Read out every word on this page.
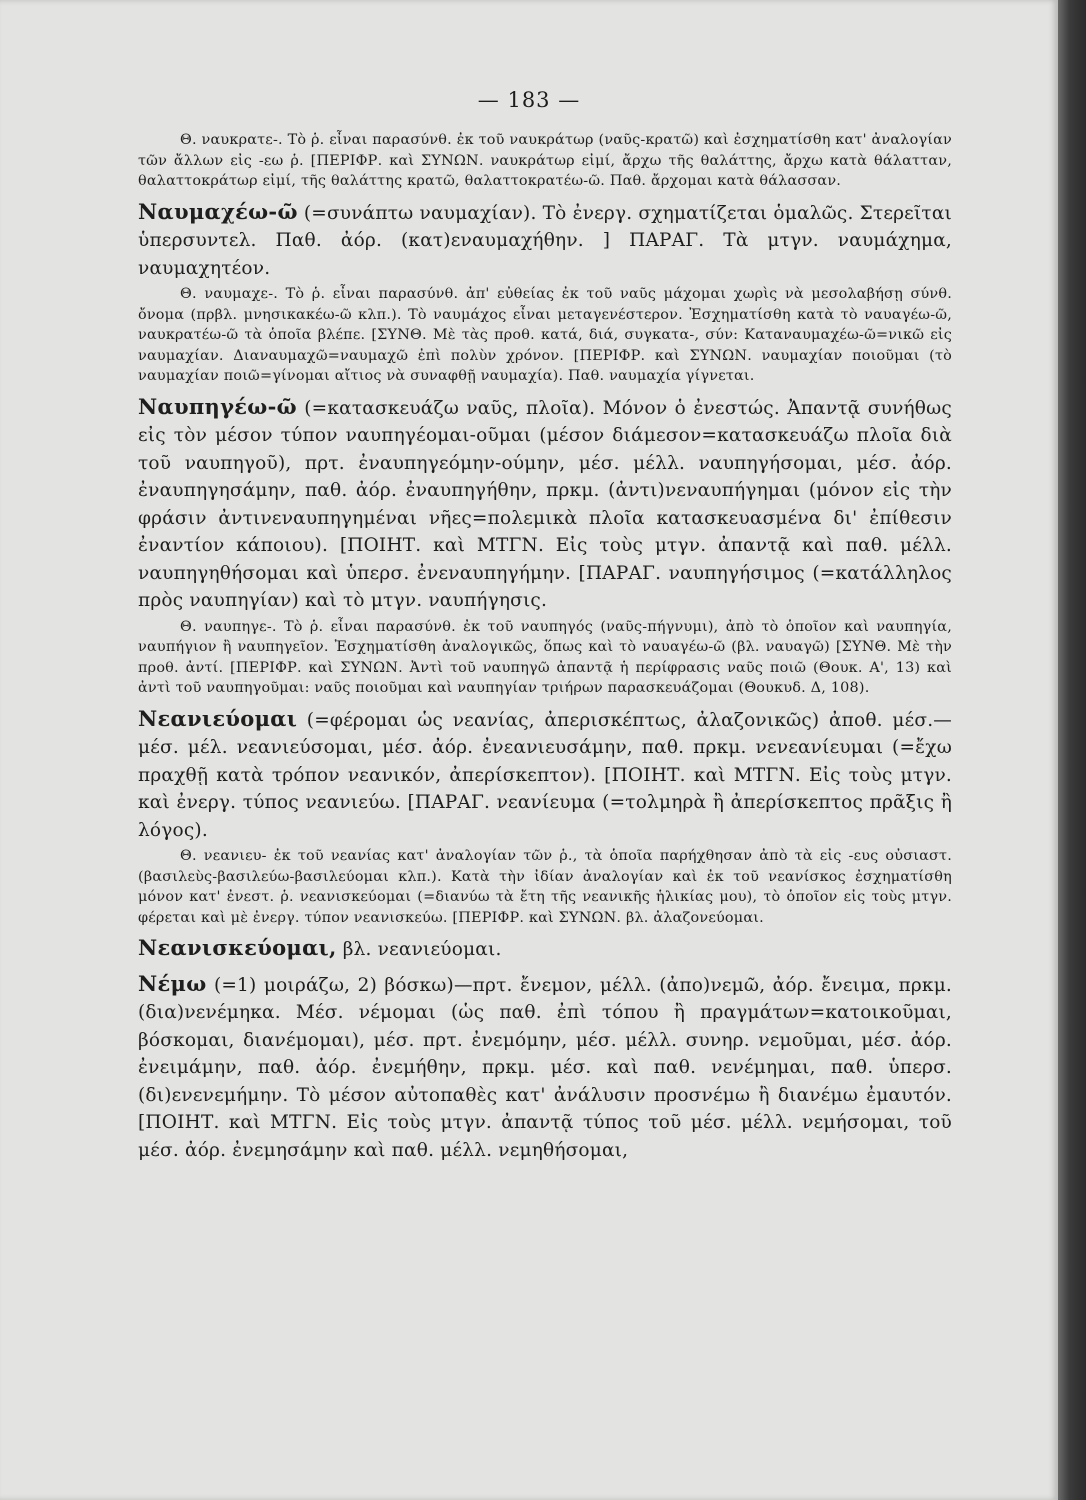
— 183 —

Θ. ναυκρατε-. Τὸ ῥ. εἶναι παρασύνθ. ἐκ τοῦ ναυκράτωρ (ναῦς-κρατῶ) καὶ ἐσχηματίσθη κατ' ἀναλογίαν τῶν ἄλλων εἰς -εω ῥ. [ΠΕΡΙΦΡ. καὶ ΣΥΝΩΝ. ναυκράτωρ εἰμί, ἄρχω τῆς θαλάττης, ἄρχω κατὰ θάλατταν, θαλαττοκράτωρ εἰμί, τῆς θαλάττης κρατῶ, θαλαττοκρατέω-ῶ. Παθ. ἄρχομαι κατὰ θάλασσαν.

Ναυμαχέω-ῶ (=συνάπτω ναυμαχίαν). Τὸ ἐνεργ. σχηματίζεται ὁμαλῶς. Στερεῖται ὑπερσυντελ. Παθ. ἀόρ. (κατ)εναυμαχήθην. ] ΠΑΡΑΓ. Τὰ μτγν. ναυμάχημα, ναυμαχητέον.

Θ. ναυμαχε-. Τὸ ῥ. εἶναι παρασύνθ. ἀπ' εὐθείας ἐκ τοῦ ναῦς μάχομαι χωρὶς νὰ μεσολαβήσῃ σύνθ. ὄνομα (πρβλ. μνησικακέω-ῶ κλπ.). Τὸ ναυμάχος εἶναι μεταγενέστερον. Ἐσχηματίσθη κατὰ τὸ ναυαγέω-ῶ, ναυκρατέω-ῶ τὰ ὁποῖα βλέπε. [ΣΥΝΘ. Μὲ τὰς προθ. κατά, διά, συγκατα-, σύν: Καταναυμαχέω-ῶ=νικῶ εἰς ναυμαχίαν. Διαναυμαχῶ=ναυμαχῶ ἐπὶ πολὺν χρόνον. [ΠΕΡΙΦΡ. καὶ ΣΥΝΩΝ. ναυμαχίαν ποιοῦμαι (τὸ ναυμαχίαν ποιῶ=γίνομαι αἴτιος νὰ συναφθῇ ναυμαχία). Παθ. ναυμαχία γίγνεται.

Ναυπηγέω-ῶ (=κατασκευάζω ναῦς, πλοῖα). Μόνον ὁ ἐνεστώς. Ἀπαντᾷ συνήθως εἰς τὸν μέσον τύπον ναυπηγέομαι-οῦμαι (μέσον διάμεσον=κατασκευάζω πλοῖα διὰ τοῦ ναυπηγοῦ), πρτ. ἐναυπηγεόμην-ούμην, μέσ. μέλλ. ναυπηγήσομαι, μέσ. ἀόρ. ἐναυπηγησάμην, παθ. ἀόρ. ἐναυπηγήθην, πρκμ. (ἀντι)νεναυπήγημαι (μόνον εἰς τὴν φράσιν ἀντινεναυπηγημέναι νῆες=πολεμικὰ πλοῖα κατασκευασμένα δι' ἐπίθεσιν ἐναντίον κάποιου). [ΠΟΙΗΤ. καὶ ΜΤΓΝ. Εἰς τοὺς μτγν. ἀπαντᾷ καὶ παθ. μέλλ. ναυπηγηθήσομαι καὶ ὑπερσ. ἐνεναυπηγήμην. [ΠΑΡΑΓ. ναυπηγήσιμος (=κατάλληλος πρὸς ναυπηγίαν) καὶ τὸ μτγν. ναυπήγησις.

Θ. ναυπηγε-. Τὸ ῥ. εἶναι παρασύνθ. ἐκ τοῦ ναυπηγός (ναῦς-πήγνυμι), ἀπὸ τὸ ὁποῖον καὶ ναυπηγία, ναυπήγιον ἢ ναυπηγεῖον. Ἐσχηματίσθη ἀναλογικῶς, ὅπως καὶ τὸ ναυαγέω-ῶ (βλ. ναυαγῶ) [ΣΥΝΘ. Μὲ τὴν προθ. ἀντί. [ΠΕΡΙΦΡ. καὶ ΣΥΝΩΝ. Ἀντὶ τοῦ ναυπηγῶ ἀπαντᾷ ἡ περίφρασις ναῦς ποιῶ (Θουκ. Α', 13) καὶ ἀντὶ τοῦ ναυπηγοῦμαι: ναῦς ποιοῦμαι καὶ ναυπηγίαν τριήρων παρασκευάζομαι (Θουκυδ. Δ, 108).

Νεανιεύομαι (=φέρομαι ὡς νεανίας, ἀπερισκέπτως, ἀλαζονικῶς) ἀποθ. μέσ.—μέσ. μέλ. νεανιεύσομαι, μέσ. ἀόρ. ἐνεανιευσάμην, παθ. πρκμ. νενεανίευμαι (=ἔχω πραχθῇ κατὰ τρόπον νεανικόν, ἀπερίσκεπτον). [ΠΟΙΗΤ. καὶ ΜΤΓΝ. Εἰς τοὺς μτγν. καὶ ἐνεργ. τύπος νεανιεύω. [ΠΑΡΑΓ. νεανίευμα (=τολμηρὰ ἢ ἀπερίσκεπτος πρᾶξις ἢ λόγος).

Θ. νεανιευ- ἐκ τοῦ νεανίας κατ' ἀναλογίαν τῶν ῥ., τὰ ὁποῖα παρήχθησαν ἀπὸ τὰ εἰς -ευς οὐσιαστ. (βασιλεὺς-βασιλεύω-βασιλεύομαι κλπ.). Κατὰ τὴν ἰδίαν ἀναλογίαν καὶ ἐκ τοῦ νεανίσκος ἐσχηματίσθη μόνον κατ' ἐνεστ. ῥ. νεανισκεύομαι (=διανύω τὰ ἔτη τῆς νεανικῆς ἡλικίας μου), τὸ ὁποῖον εἰς τοὺς μτγν. φέρεται καὶ μὲ ἐνεργ. τύπον νεανισκεύω. [ΠΕΡΙΦΡ. καὶ ΣΥΝΩΝ. βλ. ἀλαζονεύομαι.

Νεανισκεύομαι, βλ. νεανιεύομαι.

Νέμω (=1) μοιράζω, 2) βόσκω)—πρτ. ἔνεμον, μέλλ. (ἀπο)νεμῶ, ἀόρ. ἔνειμα, πρκμ. (δια)νενέμηκα. Μέσ. νέμομαι (ὡς παθ. ἐπὶ τόπου ἢ πραγμάτων=κατοικοῦμαι, βόσκομαι, διανέμομαι), μέσ. πρτ. ἐνεμόμην, μέσ. μέλλ. συνηρ. νεμοῦμαι, μέσ. ἀόρ. ἐνειμάμην, παθ. ἀόρ. ἐνεμήθην, πρκμ. μέσ. καὶ παθ. νενέμημαι, παθ. ὑπερσ. (δι)ενενεμήμην. Τὸ μέσον αὐτοπαθὲς κατ' ἀνάλυσιν προσνέμω ἢ διανέμω ἐμαυτόν. [ΠΟΙΗΤ. καὶ ΜΤΓΝ. Εἰς τοὺς μτγν. ἀπαντᾷ τύπος τοῦ μέσ. μέλλ. νεμήσομαι, τοῦ μέσ. ἀόρ. ἐνεμησάμην καὶ παθ. μέλλ. νεμηθήσομαι,
